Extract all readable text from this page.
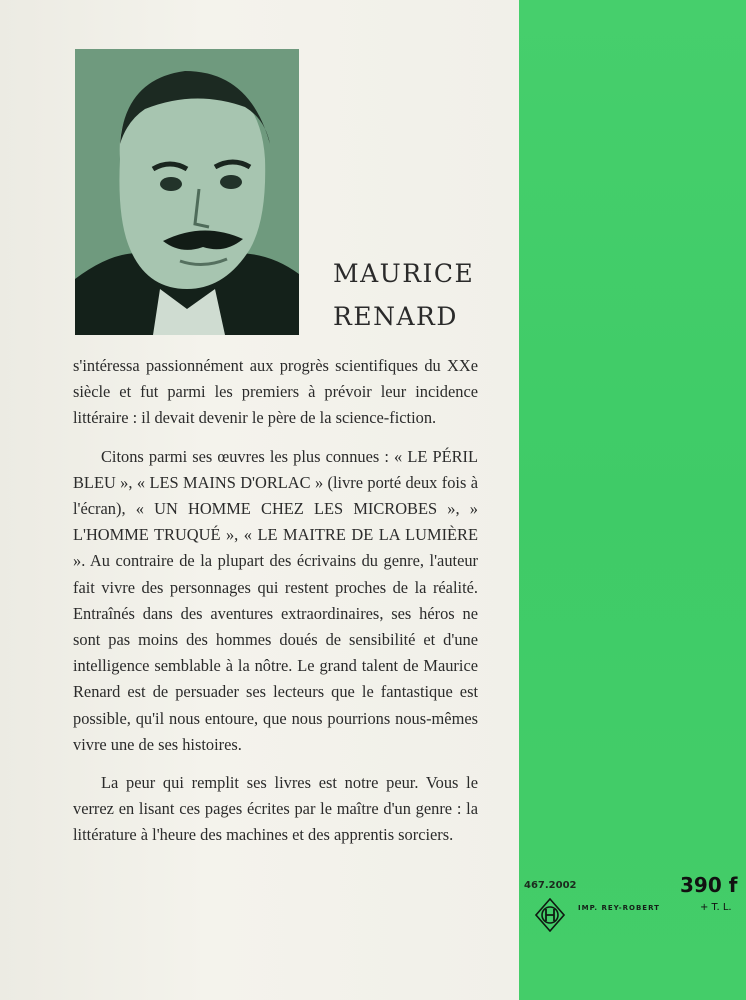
MAURICE
RENARD

s'intéressa passionnément aux progrès scientifiques du XXe siècle et fut parmi les premiers à prévoir leur incidence littéraire : il devait devenir le père de la science-fiction.

Citons parmi ses œuvres les plus connues : « LE PÉRIL BLEU », « LES MAINS D'ORLAC » (livre porté deux fois à l'écran), « UN HOMME CHEZ LES MICROBES », » L'HOMME TRUQUÉ », « LE MAITRE DE LA LUMIÈRE ». Au contraire de la plupart des écrivains du genre, l'auteur fait vivre des personnages qui restent proches de la réalité. Entraînés dans des aventures extraordinaires, ses héros ne sont pas moins des hommes doués de sensibilité et d'une intelligence semblable à la nôtre. Le grand talent de Maurice Renard est de persuader ses lecteurs que le fantastique est possible, qu'il nous entoure, que nous pourrions nous-mêmes vivre une de ses histoires.

La peur qui remplit ses livres est notre peur. Vous le verrez en lisant ces pages écrites par le maître d'un genre : la littérature à l'heure des machines et des apprentis sorciers.

467.2002	390 f
+ T. L.
IMP. REY-ROBERT
